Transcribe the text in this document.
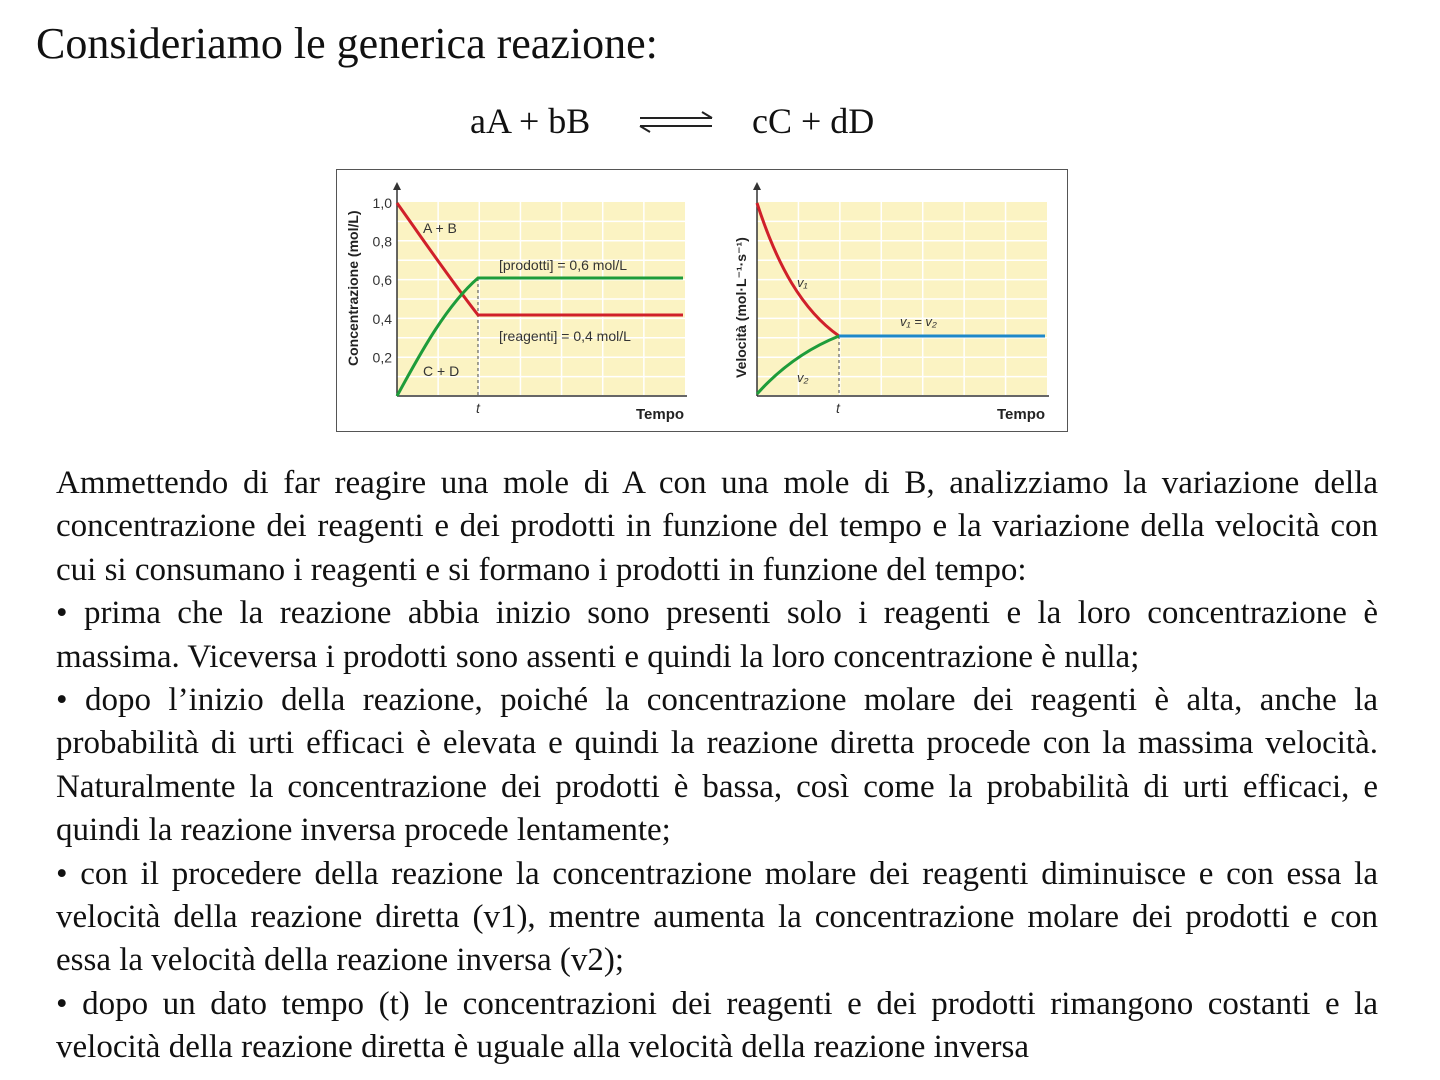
Consideriamo le generica reazione:
aA + bB ⇌ cC + dD
1,0
0,8
0,6
0,4
0,2
A + B
C + D
[prodotti] = 0,6 mol/L
[reagenti] = 0,4 mol/L
t	Tempo
Concentrazione (mol/L)	v₁
v₂
v₁ = v₂
t	Tempo
Velocità (mol·L⁻¹·s⁻¹)

Ammettendo di far reagire una mole di A con una mole di B, analizziamo la variazione della concentrazione dei reagenti e dei prodotti in funzione del tempo e la variazione della velocità con cui si consumano i reagenti e si formano i prodotti in funzione del tempo:

• prima che la reazione abbia inizio sono presenti solo i reagenti e la loro concentrazione è massima. Viceversa i prodotti sono assenti e quindi la loro concentrazione è nulla;

• dopo l’inizio della reazione, poiché la concentrazione molare dei reagenti è alta, anche la probabilità di urti efficaci è elevata e quindi la reazione diretta procede con la massima velocità. Naturalmente la concentrazione dei prodotti è bassa, così come la probabilità di urti efficaci, e quindi la reazione inversa procede lentamente;

• con il procedere della reazione la concentrazione molare dei reagenti diminuisce e con essa la velocità della reazione diretta (v1), mentre aumenta la concentrazione molare dei prodotti e con essa la velocità della reazione inversa (v2);

• dopo un dato tempo (t) le concentrazioni dei reagenti e dei prodotti rimangono costanti e la velocità della reazione diretta è uguale alla velocità della reazione inversa
